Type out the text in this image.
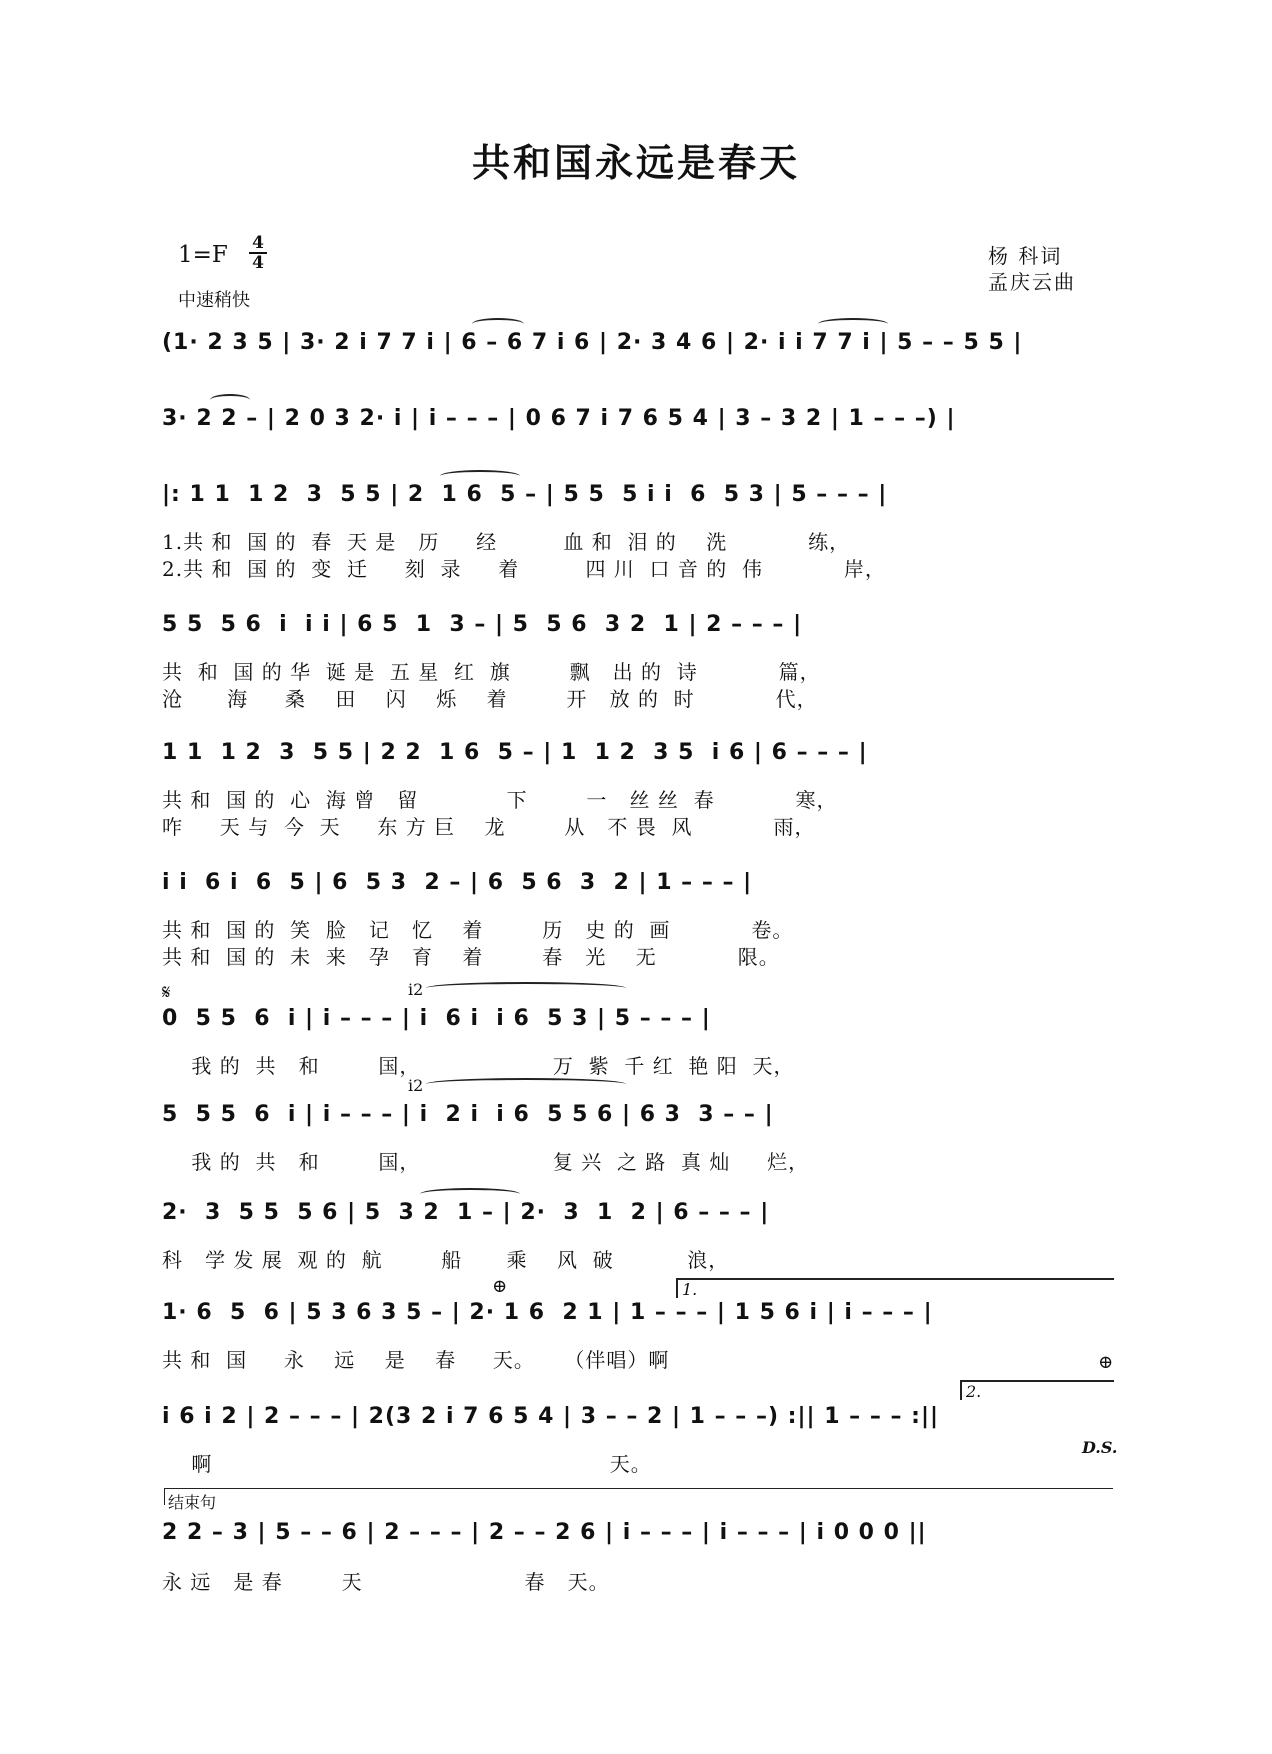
共和国永远是春天
1=F 4
4
中速稍快
杨 科词
孟庆云曲
(1· 2 3 5 | 3· 2 i 7 7 i | 6 – 6 7 i 6 | 2· 3 4 6 | 2· i i 7 7 i | 5 – – 5 5 |
3· 2 2 – | 2 0 3 2· i | i – – – | 0 6 7 i 7 6 5 4 | 3 – 3 2 | 1 – – –) |
|: 1 1  1 2  3  5 5 | 2  1 6  5 – | 5 5  5 i i  6  5 3 | 5 – – – |
1.共 和  国 的  春  天 是   历     经         血 和  泪 的    洗           练，
2.共 和  国 的  变  迁     刻  录     着         四 川  口 音 的  伟           岸，
5 5  5 6  i  i i | 6 5  1  3 – | 5  5 6  3 2  1 | 2 – – – |
共  和  国 的 华  诞 是  五 星  红  旗        飘   出 的  诗           篇，
沧      海     桑    田    闪    烁    着        开   放 的  时           代，
1 1  1 2  3  5 5 | 2 2  1 6  5 – | 1  1 2  3 5  i 6 | 6 – – – |
共 和  国 的  心  海 曾   留            下        一   丝 丝  春           寒，
咋     天 与  今  天     东 方 巨    龙        从   不 畏  风           雨，
i i  6 i  6  5 | 6  5 3  2 – | 6  5 6  3  2 | 1 – – – |
共 和  国 的  笑  脸   记   忆    着        历   史 的  画           卷。
共 和  国 的  未  来   孕   育    着        春   光    无           限。
𝄋	i2
0  5 5  6  i | i – – – | i  6 i  i 6  5 3 | 5 – – – |
我 的  共   和        国，                  万  紫  千 红  艳 阳  天，
i2
5  5 5  6  i | i – – – | i  2 i  i 6  5 5 6 | 6 3  3 – – |
我 的  共   和        国，                  复 兴  之 路  真 灿     烂，
2·  3  5 5  5 6 | 5  3 2  1 – | 2·  3  1  2 | 6 – – – |
科   学 发 展  观 的  航        船      乘    风  破          浪，
⊕	1.
1· 6  5  6 | 5 3 6 3 5 – | 2· 1 6  2 1 | 1 – – – | 1 5 6 i | i – – – |
共 和  国     永    远    是    春     天。    （伴唱）啊	⊕
2.
i 6 i 2 | 2 – – – | 2(3 2 i 7 6 5 4 | 3 – – 2 | 1 – – –) :|| 1 – – – :||
D.S.
啊                                                      天。
结束句
2 2 – 3 | 5 – – 6 | 2 – – – | 2 – – 2 6 | i – – – | i – – – | i 0 0 0 ||
永 远   是 春        天                      春   天。
